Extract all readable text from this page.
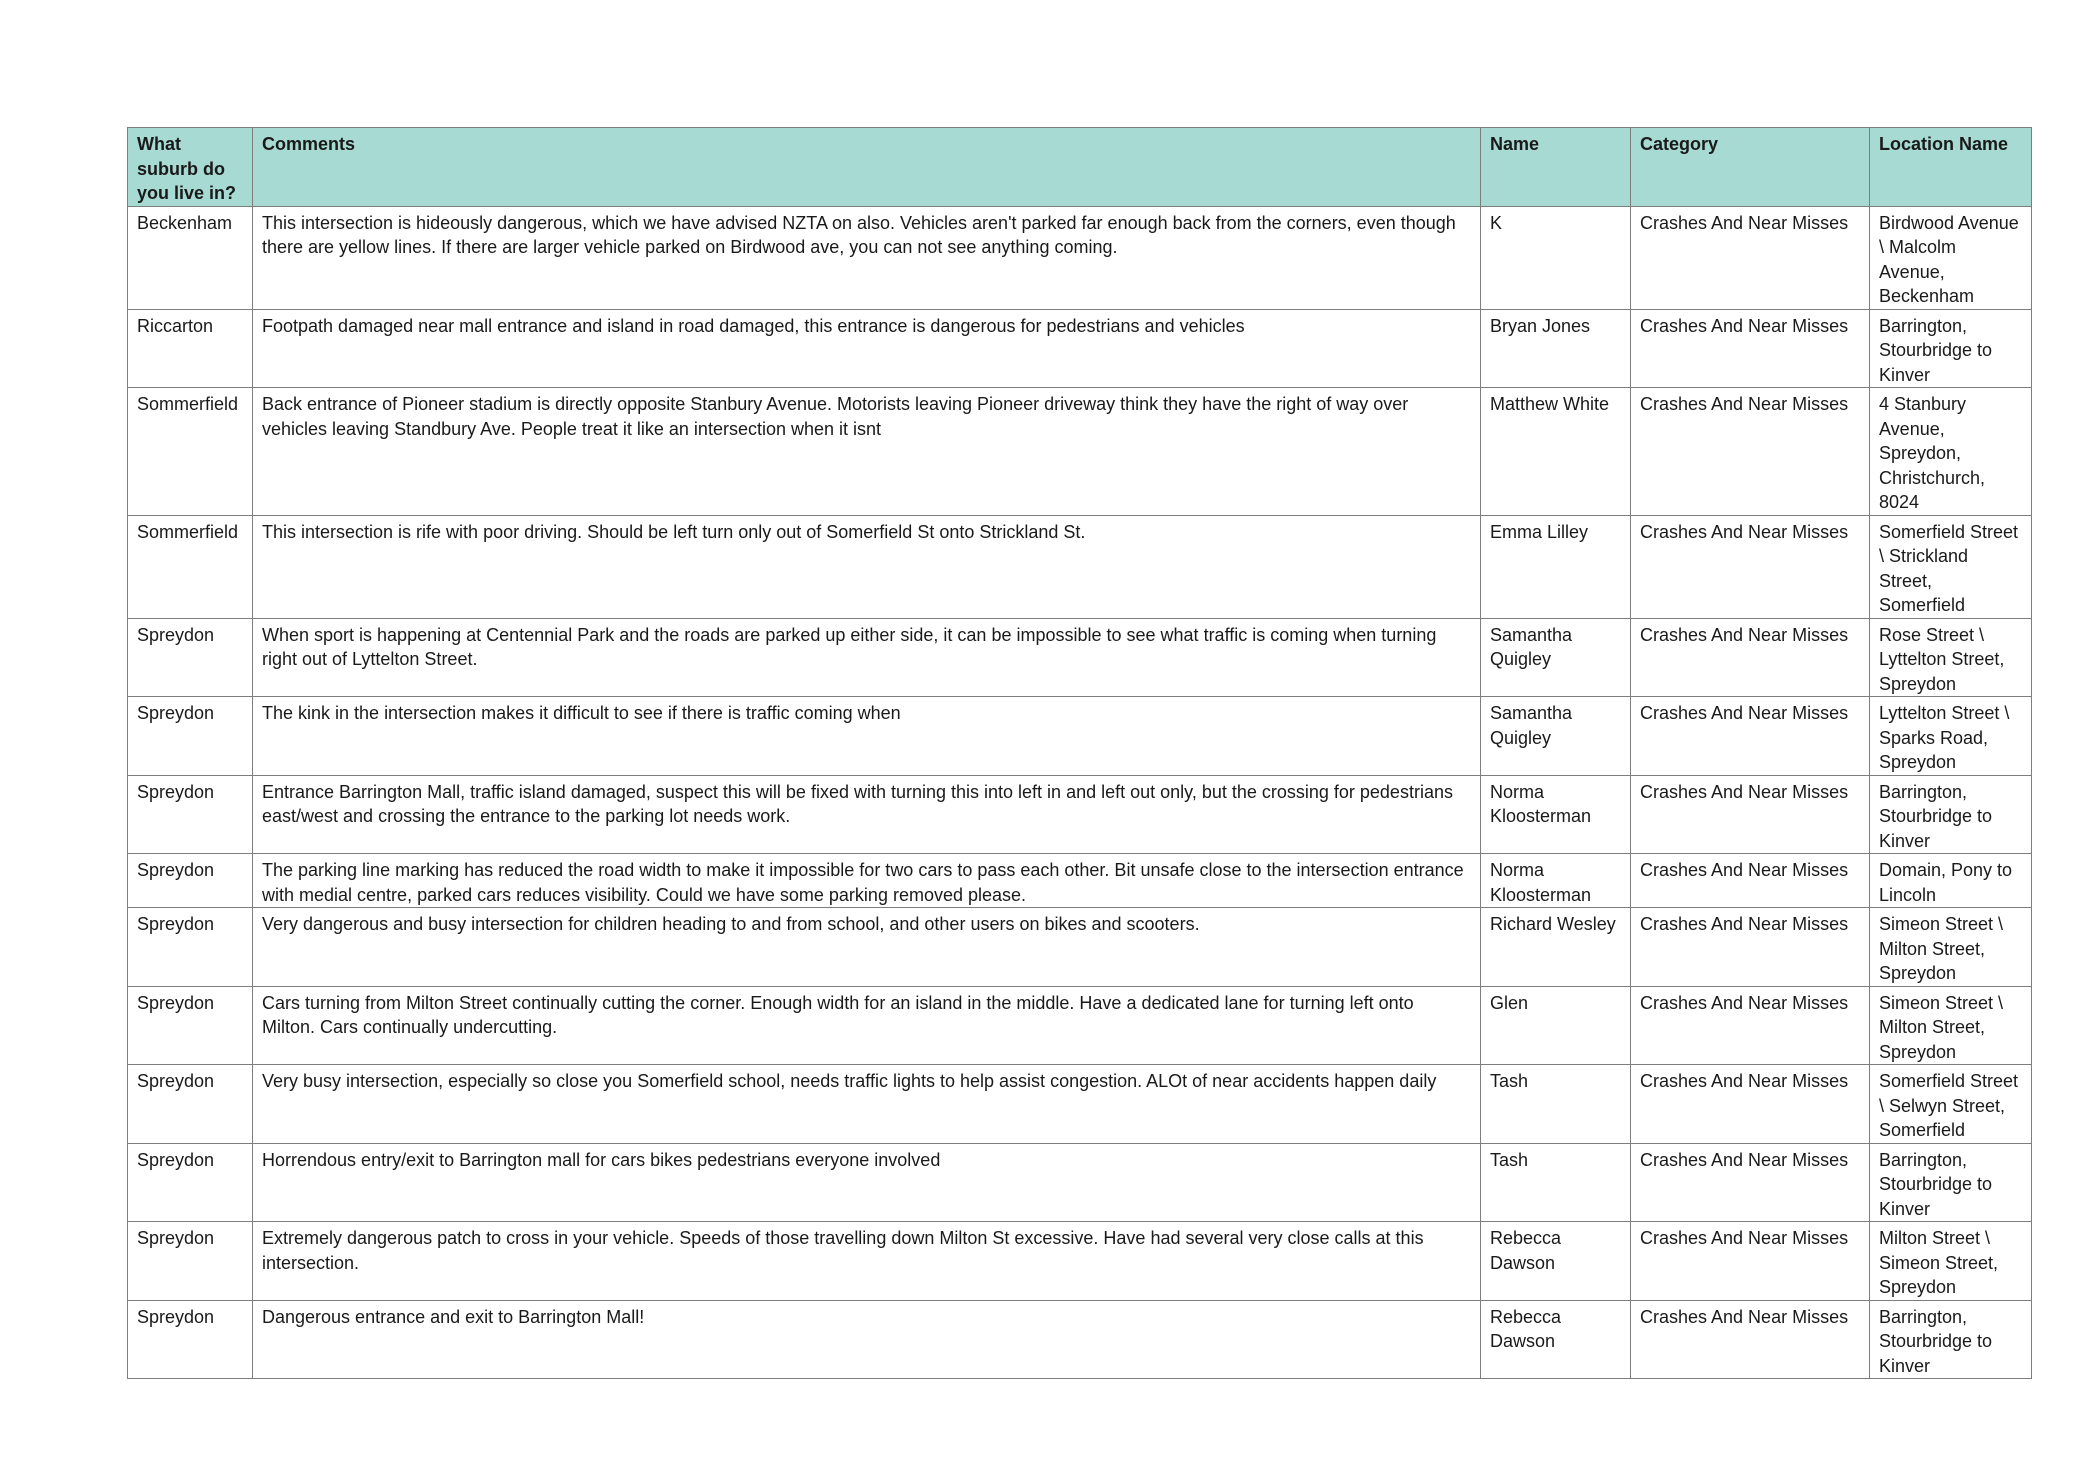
What suburb do you live in?	Comments	Name	Category	Location Name
Beckenham	This intersection is hideously dangerous, which we have advised NZTA on also. Vehicles aren't parked far enough back from the corners, even though there are yellow lines. If there are larger vehicle parked on Birdwood ave, you can not see anything coming.	K	Crashes And Near Misses	Birdwood Avenue \ Malcolm Avenue, Beckenham
Riccarton	Footpath damaged near mall entrance and island in road damaged, this entrance is dangerous for pedestrians and vehicles	Bryan Jones	Crashes And Near Misses	Barrington, Stourbridge to Kinver
Sommerfield	Back entrance of Pioneer stadium is directly opposite Stanbury Avenue. Motorists leaving Pioneer driveway think they have the right of way over vehicles leaving Standbury Ave. People treat it like an intersection when it isnt	Matthew White	Crashes And Near Misses	4 Stanbury Avenue, Spreydon, Christchurch, 8024
Sommerfield	This intersection is rife with poor driving. Should be left turn only out of Somerfield St onto Strickland St.	Emma Lilley	Crashes And Near Misses	Somerfield Street \ Strickland Street, Somerfield
Spreydon	When sport is happening at Centennial Park and the roads are parked up either side, it can be impossible to see what traffic is coming when turning right out of Lyttelton Street.	Samantha Quigley	Crashes And Near Misses	Rose Street \ Lyttelton Street, Spreydon
Spreydon	The kink in the intersection makes it difficult to see if there is traffic coming when	Samantha Quigley	Crashes And Near Misses	Lyttelton Street \ Sparks Road, Spreydon
Spreydon	Entrance Barrington Mall, traffic island damaged, suspect this will be fixed with turning this into left in and left out only, but the crossing for pedestrians east/west and crossing the entrance to the parking lot needs work.	Norma Kloosterman	Crashes And Near Misses	Barrington, Stourbridge to Kinver
Spreydon	The parking line marking has reduced the road width to make it impossible for two cars to pass each other. Bit unsafe close to the intersection entrance with medial centre, parked cars reduces visibility. Could we have some parking removed please.	Norma Kloosterman	Crashes And Near Misses	Domain, Pony to Lincoln
Spreydon	Very dangerous and busy intersection for children heading to and from school, and other users on bikes and scooters.	Richard Wesley	Crashes And Near Misses	Simeon Street \ Milton Street, Spreydon
Spreydon	Cars turning from Milton Street continually cutting the corner. Enough width for an island in the middle. Have a dedicated lane for turning left onto Milton. Cars continually undercutting.	Glen	Crashes And Near Misses	Simeon Street \ Milton Street, Spreydon
Spreydon	Very busy intersection, especially so close you Somerfield school, needs traffic lights to help assist congestion. ALOt of near accidents happen daily	Tash	Crashes And Near Misses	Somerfield Street \ Selwyn Street, Somerfield
Spreydon	Horrendous entry/exit to Barrington mall for cars bikes pedestrians everyone involved	Tash	Crashes And Near Misses	Barrington, Stourbridge to Kinver
Spreydon	Extremely dangerous patch to cross in your vehicle. Speeds of those travelling down Milton St excessive. Have had several very close calls at this intersection.	Rebecca Dawson	Crashes And Near Misses	Milton Street \ Simeon Street, Spreydon
Spreydon	Dangerous entrance and exit to Barrington Mall!	Rebecca Dawson	Crashes And Near Misses	Barrington, Stourbridge to Kinver
